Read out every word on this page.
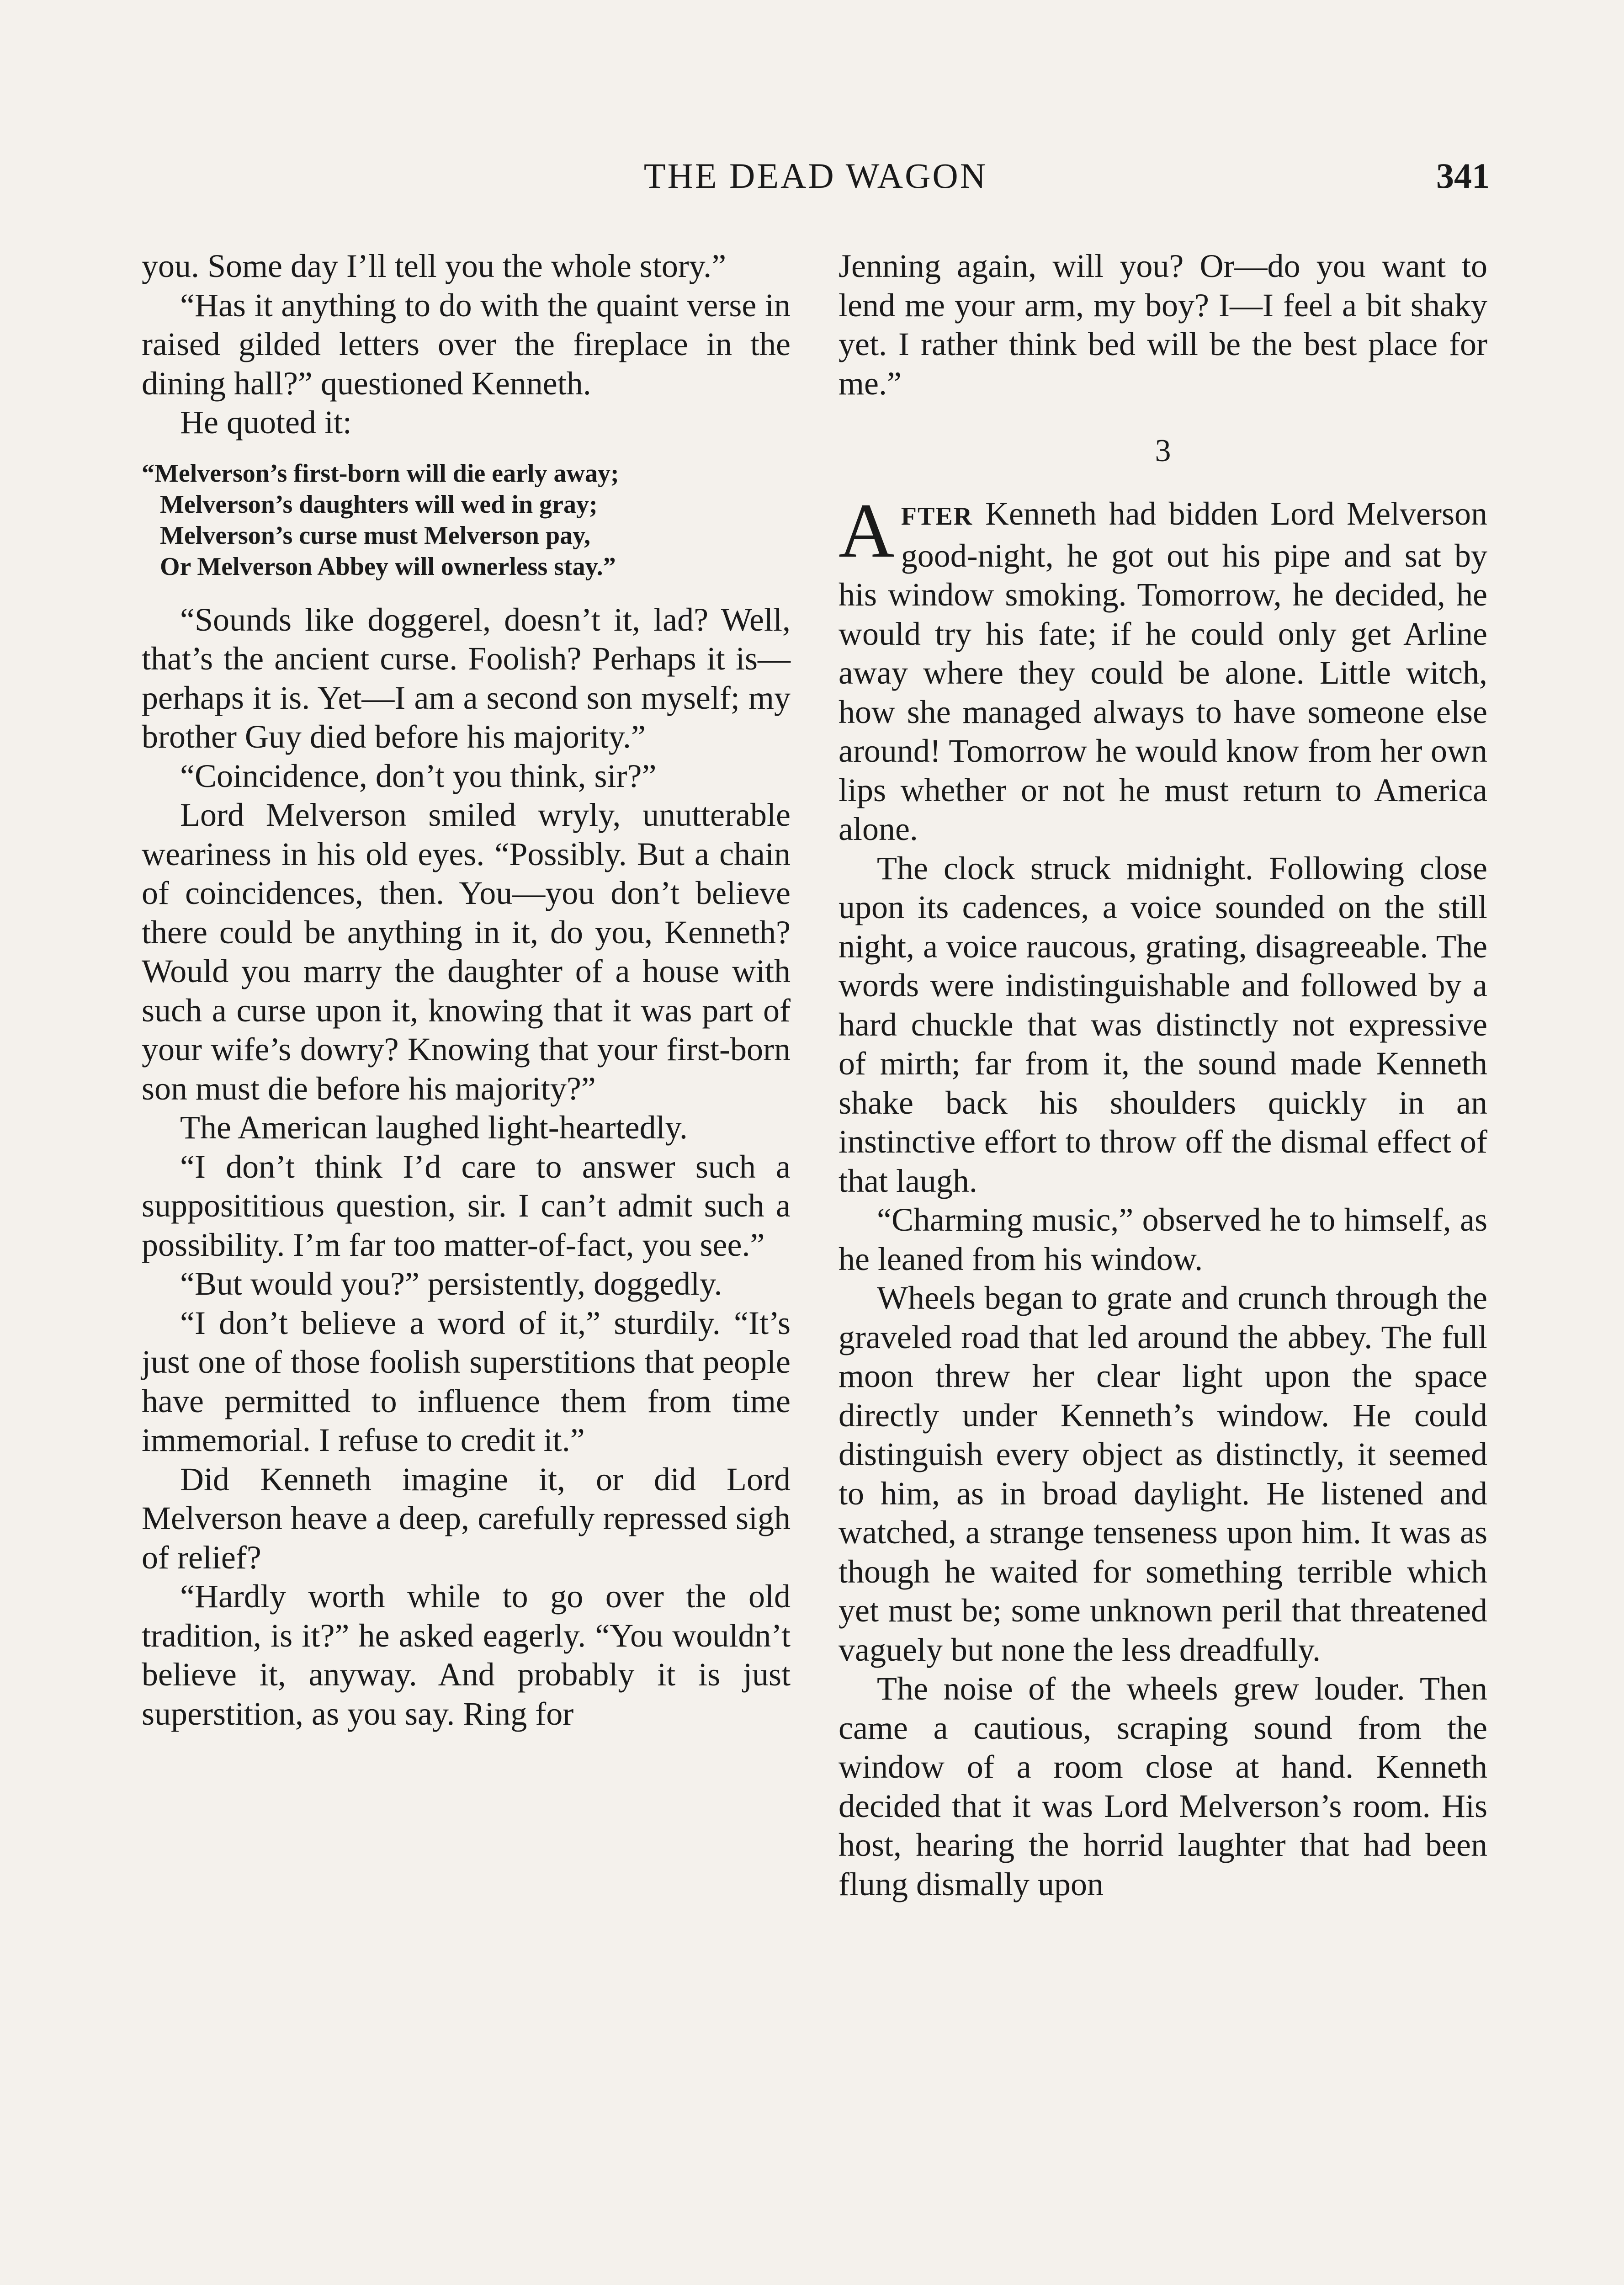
THE DEAD WAGON	341

you. Some day I’ll tell you the whole story.”

“Has it anything to do with the quaint verse in raised gilded letters over the fireplace in the dining hall?” questioned Kenneth.

He quoted it:

“Melverson’s first-born will die early away;
Melverson’s daughters will wed in gray;
Melverson’s curse must Melverson pay,
Or Melverson Abbey will ownerless stay.”

“Sounds like doggerel, doesn’t it, lad? Well, that’s the ancient curse. Foolish? Perhaps it is—perhaps it is. Yet—I am a second son myself; my brother Guy died before his majority.”

“Coincidence, don’t you think, sir?”

Lord Melverson smiled wryly, unutterable weariness in his old eyes. “Possibly. But a chain of coincidences, then. You—you don’t believe there could be anything in it, do you, Kenneth? Would you marry the daughter of a house with such a curse upon it, knowing that it was part of your wife’s dowry? Knowing that your first-born son must die before his majority?”

The American laughed light-heartedly.

“I don’t think I’d care to answer such a supposititious question, sir. I can’t admit such a possibility. I’m far too matter-of-fact, you see.”

“But would you?” persistently, doggedly.

“I don’t believe a word of it,” sturdily. “It’s just one of those foolish superstitions that people have permitted to influence them from time immemorial. I refuse to credit it.”

Did Kenneth imagine it, or did Lord Melverson heave a deep, carefully repressed sigh of relief?

“Hardly worth while to go over the old tradition, is it?” he asked eagerly. “You wouldn’t believe it, anyway. And probably it is just superstition, as you say. Ring for

Jenning again, will you? Or—do you want to lend me your arm, my boy? I—I feel a bit shaky yet. I rather think bed will be the best place for me.”

3

AFTER Kenneth had bidden Lord Melverson good-night, he got out his pipe and sat by his window smoking. Tomorrow, he decided, he would try his fate; if he could only get Arline away where they could be alone. Little witch, how she managed always to have someone else around! Tomorrow he would know from her own lips whether or not he must return to America alone.

The clock struck midnight. Following close upon its cadences, a voice sounded on the still night, a voice raucous, grating, disagreeable. The words were indistinguishable and followed by a hard chuckle that was distinctly not expressive of mirth; far from it, the sound made Kenneth shake back his shoulders quickly in an instinctive effort to throw off the dismal effect of that laugh.

“Charming music,” observed he to himself, as he leaned from his window.

Wheels began to grate and crunch through the graveled road that led around the abbey. The full moon threw her clear light upon the space directly under Kenneth’s window. He could distinguish every object as distinctly, it seemed to him, as in broad daylight. He listened and watched, a strange tenseness upon him. It was as though he waited for something terrible which yet must be; some unknown peril that threatened vaguely but none the less dreadfully.

The noise of the wheels grew louder. Then came a cautious, scraping sound from the window of a room close at hand. Kenneth decided that it was Lord Melverson’s room. His host, hearing the horrid laughter that had been flung dismally upon
